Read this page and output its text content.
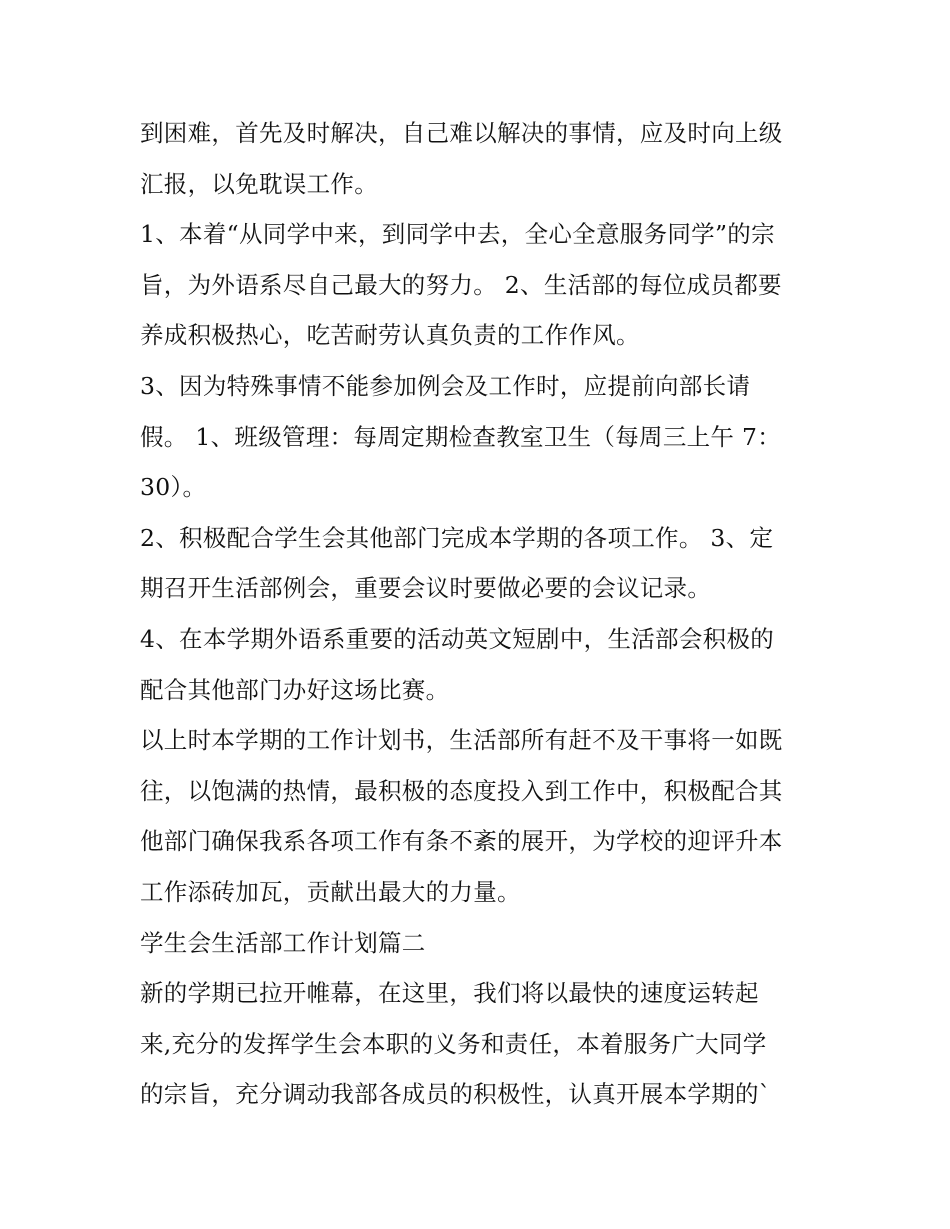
到困难，首先及时解决，自己难以解决的事情，应及时向上级
汇报，以免耽误工作。
1、本着“从同学中来，到同学中去，全心全意服务同学”的宗
旨，为外语系尽自己最大的努力。 2、生活部的每位成员都要
养成积极热心，吃苦耐劳认真负责的工作作风。
3、因为特殊事情不能参加例会及工作时，应提前向部长请
假。 1、班级管理：每周定期检查教室卫生（每周三上午 7：
30）。
2、积极配合学生会其他部门完成本学期的各项工作。 3、定
期召开生活部例会，重要会议时要做必要的会议记录。
4、在本学期外语系重要的活动英文短剧中，生活部会积极的
配合其他部门办好这场比赛。
以上时本学期的工作计划书，生活部所有赶不及干事将一如既
往，以饱满的热情，最积极的态度投入到工作中，积极配合其
他部门确保我系各项工作有条不紊的展开，为学校的迎评升本
工作添砖加瓦，贡献出最大的力量。
学生会生活部工作计划篇二
新的学期已拉开帷幕，在这里，我们将以最快的速度运转起
来,充分的发挥学生会本职的义务和责任，本着服务广大同学
的宗旨，充分调动我部各成员的积极性，认真开展本学期的`
